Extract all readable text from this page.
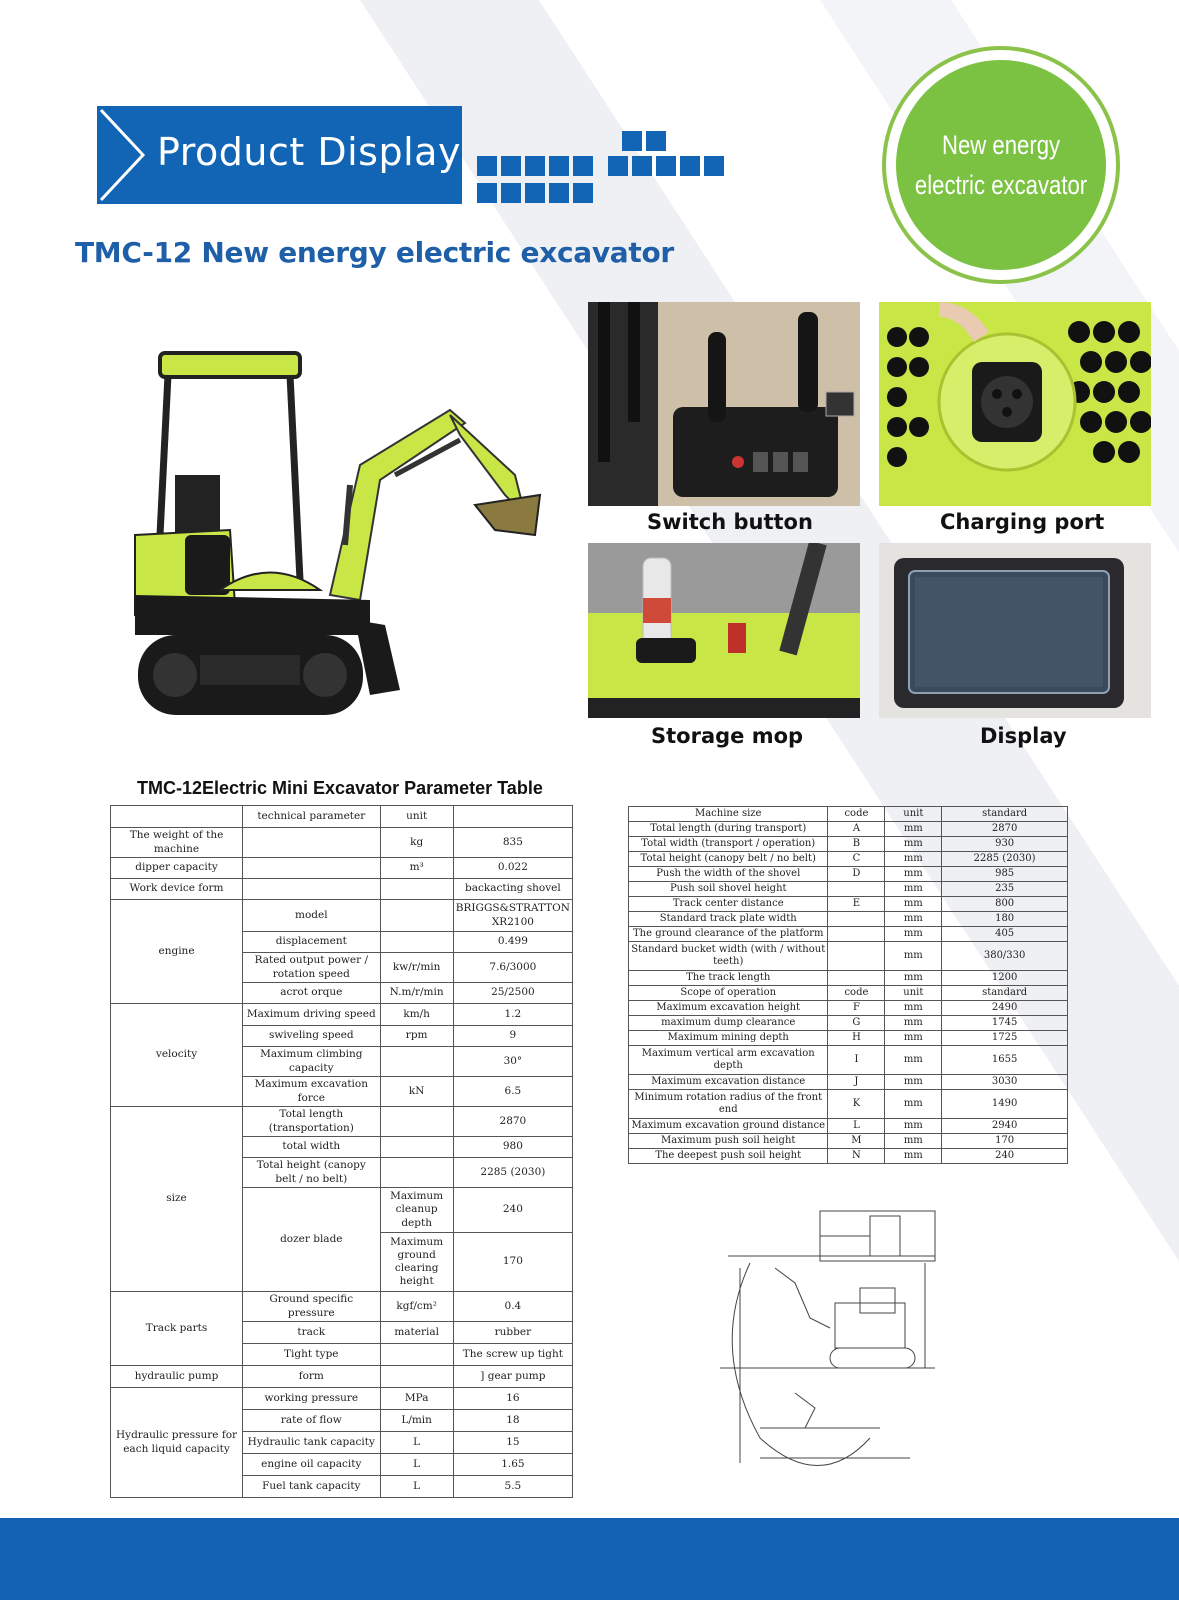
Product Display	New energy
electric excavator
TMC-12 New energy electric excavator
Switch button	Charging port
Storage mop	Display
TMC-12Electric Mini Excavator Parameter Table
	technical parameter	unit	
The weight of the machine		kg	835
dipper capacity		m³	0.022
Work device form			backacting shovel
engine	model		BRIGGS&STRATTON XR2100
	displacement		0.499
	Rated output power / rotation speed	kw/r/min	7.6/3000
	acrot orque	N.m/r/min	25/2500
velocity	Maximum driving speed	km/h	1.2
	swiveling speed	rpm	9
	Maximum climbing capacity		30°
	Maximum excavation force	kN	6.5
size	Total length (transportation)		2870
	total width		980
	Total height (canopy belt / no belt)		2285 (2030)
	dozer blade	Maximum cleanup depth	240
		Maximum ground clearing height	170
Track parts	Ground specific pressure	kgf/cm²	0.4
	track	material	rubber
	Tight type		The screw up tight
hydraulic pump	form		] gear pump
Hydraulic pressure for each liquid capacity	working pressure	MPa	16
	rate of flow	L/min	18
	Hydraulic tank capacity	L	15
	engine oil capacity	L	1.65
	Fuel tank capacity	L	5.5
Machine size	code	unit	standard
Total length (during transport)	A	mm	2870
Total width (transport / operation)	B	mm	930
Total height (canopy belt / no belt)	C	mm	2285 (2030)
Push the width of the shovel	D	mm	985
Push soil shovel height		mm	235
Track center distance	E	mm	800
Standard track plate width		mm	180
The ground clearance of the platform		mm	405
Standard bucket width (with / without teeth)		mm	380/330
The track length		mm	1200
Scope of operation	code	unit	standard
Maximum excavation height	F	mm	2490
maximum dump clearance	G	mm	1745
Maximum mining depth	H	mm	1725
Maximum vertical arm excavation depth	I	mm	1655
Maximum excavation distance	J	mm	3030
Minimum rotation radius of the front end	K	mm	1490
Maximum excavation ground distance	L	mm	2940
Maximum push soil height	M	mm	170
The deepest push soil height	N	mm	240
